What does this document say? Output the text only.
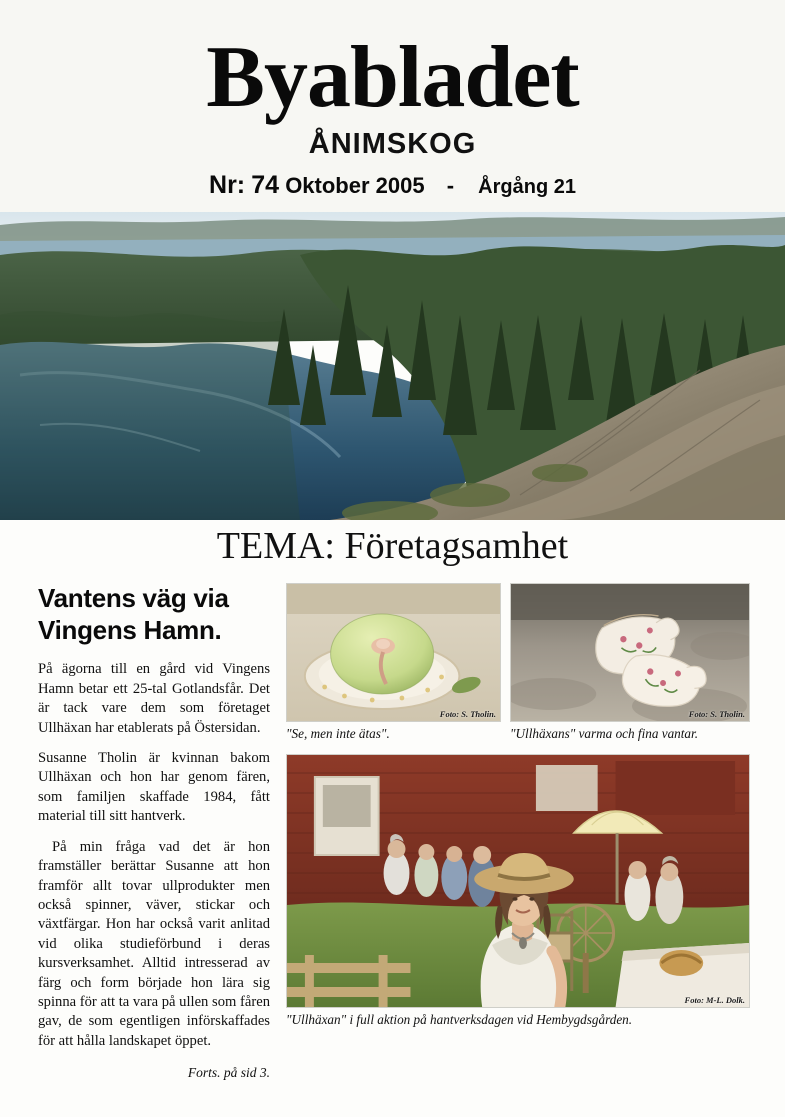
Byabladet
ÅNIMSKOG
Nr: 74 Oktober 2005 - Årgång 21
TEMA: Företagsamhet
Vantens väg via Vingens Hamn.

På ägorna till en gård vid Vingens Hamn betar ett 25-tal Gotlandsfår. Det är tack vare dem som företaget Ullhäxan har etablerats på Östersidan.

Susanne Tholin är kvinnan bakom Ullhäxan och hon har genom fären, som familjen skaffade 1984, fått material till sitt hantverk.

På min fråga vad det är hon framställer berättar Susanne att hon framför allt tovar ullprodukter men också spinner, väver, stickar och växtfärgar. Hon har också varit anlitad vid olika studieförbund i deras kursverksamhet. Alltid intresserad av färg och form började hon lära sig spinna för att ta vara på ullen som fåren gav, de som egentligen införskaffades för att hålla landskapet öppet.

Forts. på sid 3.
Foto: S. Tholin.
"Se, men inte ätas".
Foto: S. Tholin.
"Ullhäxans" varma och fina vantar.
Foto: M-L. Dolk.
"Ullhäxan" i full aktion på hantverksdagen vid Hembygdsgården.
